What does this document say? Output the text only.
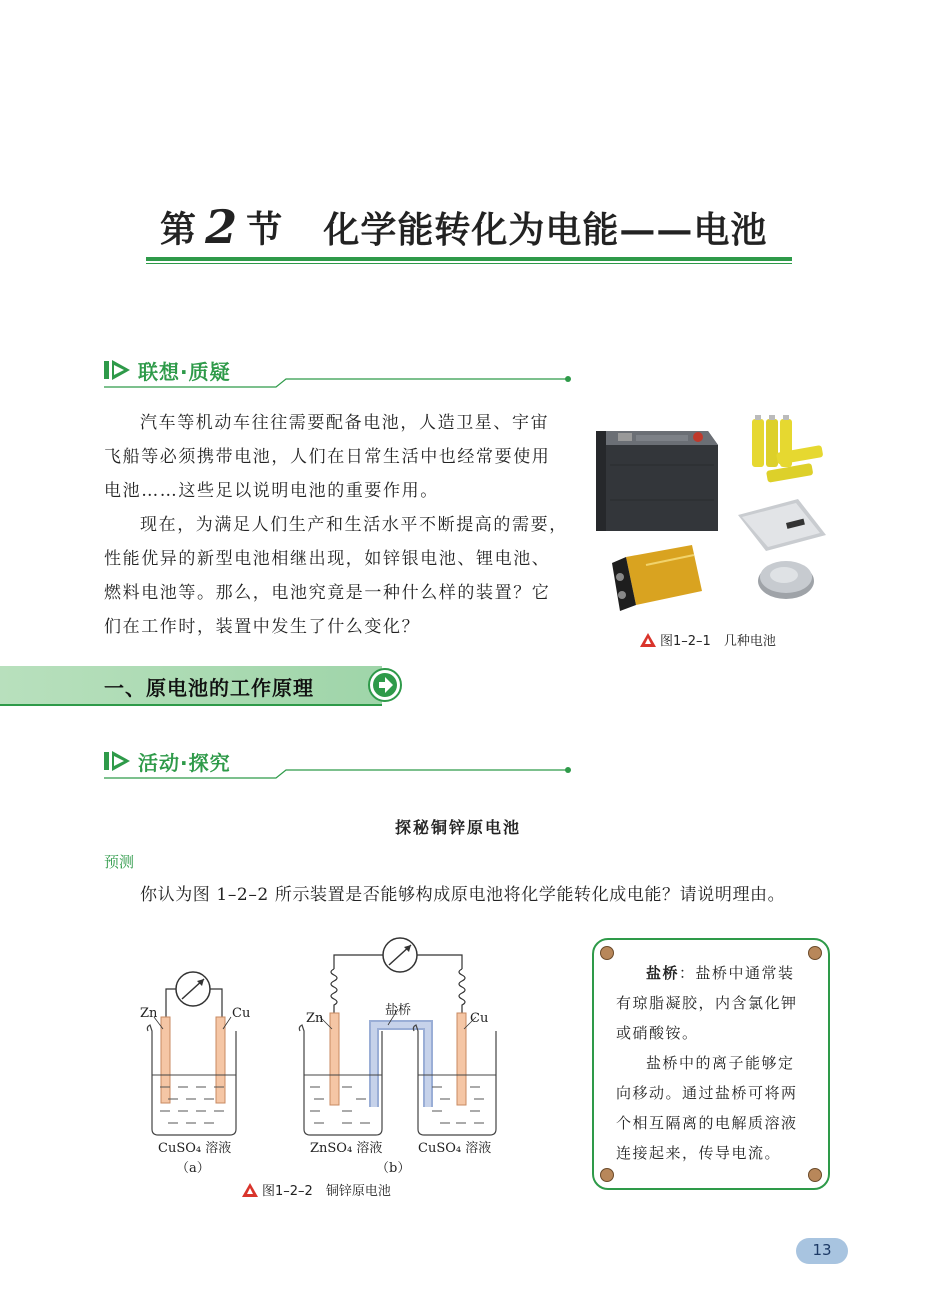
第 2 节 化学能转化为电能——电池
联想·质疑
汽车等机动车往往需要配备电池，人造卫星、宇宙
飞船等必须携带电池，人们在日常生活中也经常要使用
电池……这些足以说明电池的重要作用。
现在，为满足人们生产和生活水平不断提高的需要，
性能优异的新型电池相继出现，如锌银电池、锂电池、
燃料电池等。那么，电池究竟是一种什么样的装置？它
们在工作时，装置中发生了什么变化？
图1–2–1　几种电池
一、原电池的工作原理
活动·探究
探秘铜锌原电池
预测
你认为图 1–2–2 所示装置是否能够构成原电池将化学能转化成电能？请说明理由。
Zn	Cu
CuSO₄ 溶液
（a）
Zn	Cu
盐桥
ZnSO₄ 溶液	CuSO₄ 溶液
（b）
图1–2–2　铜锌原电池
盐桥：盐桥中通常装
有琼脂凝胶，内含氯化钾
或硝酸铵。
盐桥中的离子能够定
向移动。通过盐桥可将两
个相互隔离的电解质溶液
连接起来，传导电流。
13
